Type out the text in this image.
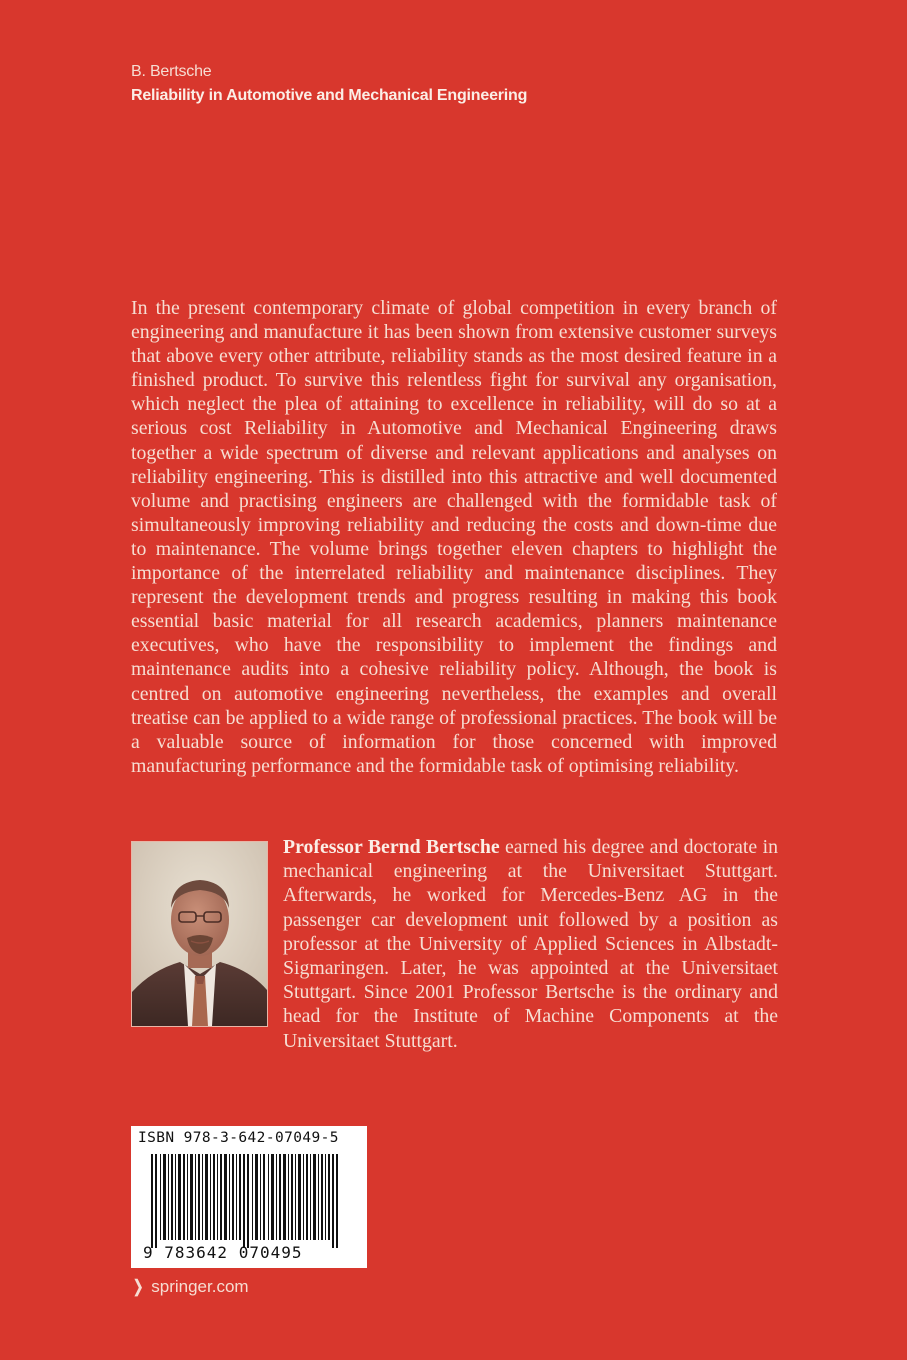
B. Bertsche
Reliability in Automotive and Mechanical Engineering

In the present contemporary climate of global competition in every branch of engineering and manufacture it has been shown from extensive customer surveys that above every other attribute, reliability stands as the most desired feature in a finished product. To survive this relentless fight for survival any organisation, which neglect the plea of attaining to excellence in reliability, will do so at a serious cost Reliability in Automotive and Mechanical Engineering draws together a wide spectrum of diverse and relevant applications and analyses on reliability engineering. This is distilled into this attractive and well documented volume and practising engineers are challenged with the formidable task of simultaneously improving reliability and reducing the costs and down-time due to maintenance. The volume brings together eleven chapters to highlight the importance of the interrelated reliability and maintenance disciplines. They represent the development trends and progress resulting in making this book essential basic material for all research academics, planners maintenance executives, who have the responsibility to implement the findings and maintenance audits into a cohesive reliability policy. Although, the book is centred on automotive engineering nevertheless, the examples and overall treatise can be applied to a wide range of professional practices. The book will be a valuable source of information for those concerned with improved manufacturing performance and the formidable task of optimising reliability.

Professor Bernd Bertsche earned his degree and doctorate in mechanical engineering at the Universitaet Stuttgart. Afterwards, he worked for Mercedes-Benz AG in the passenger car development unit followed by a position as professor at the University of Applied Sciences in Albstadt-Sigmaringen. Later, he was appointed at the Universitaet Stuttgart. Since 2001 Professor Bertsche is the ordinary and head for the Institute of Machine Components at the Universitaet Stuttgart.

ISBN 978-3-642-07049-5
9 783642 070495
❭ springer.com
